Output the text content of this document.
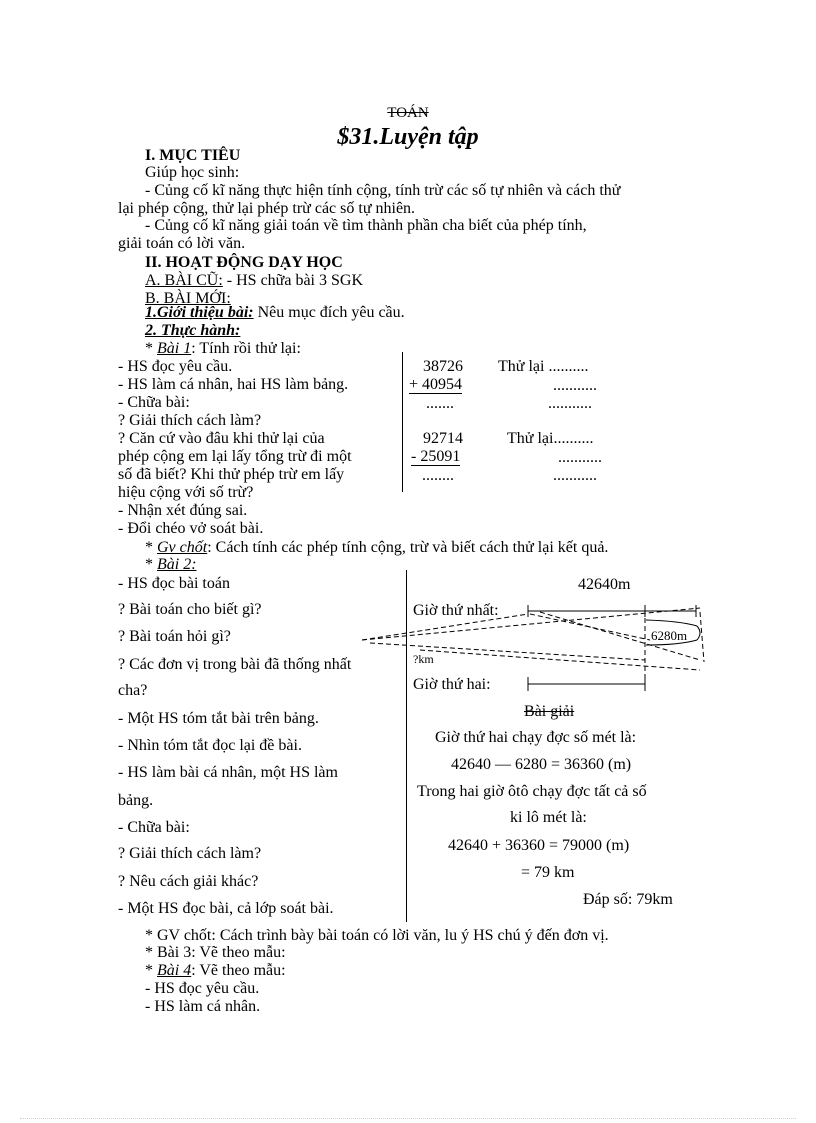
TOÁN
$31.Luyện tập
I. MỤC TIÊU
Giúp học sinh:
- Củng cố kĩ năng thực hiện tính cộng, tính trừ các số tự nhiên và cách thử
lại phép cộng, thử lại phép trừ các số tự nhiên.
- Củng cố kĩ năng giải toán về tìm thành phần cha biết của phép tính,
giải toán có lời văn.
II. HOẠT ĐỘNG DẠY HỌC
A. BÀI CŨ: - HS chữa bài 3 SGK
B. BÀI MỚI:
1.Giới thiệu bài: Nêu mục đích yêu cầu.
2. Thực hành:
* Bài 1: Tính rồi thử lại:
- HS đọc yêu cầu.
- HS làm cá nhân, hai HS làm bảng.
- Chữa bài:
? Giải thích cách làm?
? Căn cứ vào đâu khi thử lại của
phép cộng em lại lấy tổng trừ đi một
số đã biết? Khi thử phép trừ em lấy
hiệu cộng với số trừ?
- Nhận xét đúng sai.
- Đổi chéo vở soát bài.
38726
+ 40954
.......
Thử lại ..........
...........
...........
92714
- 25091
........
Thử lại..........
...........
...........
* Gv chốt: Cách tính các phép tính cộng, trừ và biết cách thử lại kết quả.
* Bài 2:
- HS đọc bài toán
? Bài toán cho biết gì?
? Bài toán hỏi gì?
? Các đơn vị trong bài đã thống nhất
cha?
- Một HS tóm tắt bài trên bảng.
- Nhìn tóm tắt đọc lại đề bài.
- HS làm bài cá nhân, một HS làm
bảng.
- Chữa bài:
? Giải thích cách làm?
? Nêu cách giải khác?
- Một HS đọc bài, cả lớp soát bài.
42640m
Giờ thứ nhất:
6280m
?km
Giờ thứ hai:
Bài giải
Giờ thứ hai chạy đợc số mét là:
42640 — 6280 = 36360 (m)
Trong hai giờ ôtô chạy đợc tất cả số
ki lô mét là:
42640 + 36360 = 79000 (m)
= 79 km
Đáp số: 79km
* GV chốt: Cách trình bày bài toán có lời văn, lu ý HS chú ý đến đơn vị.
* Bài 3: Vẽ theo mẫu:
* Bài 4: Vẽ theo mẫu:
- HS đọc yêu cầu.
- HS làm cá nhân.
